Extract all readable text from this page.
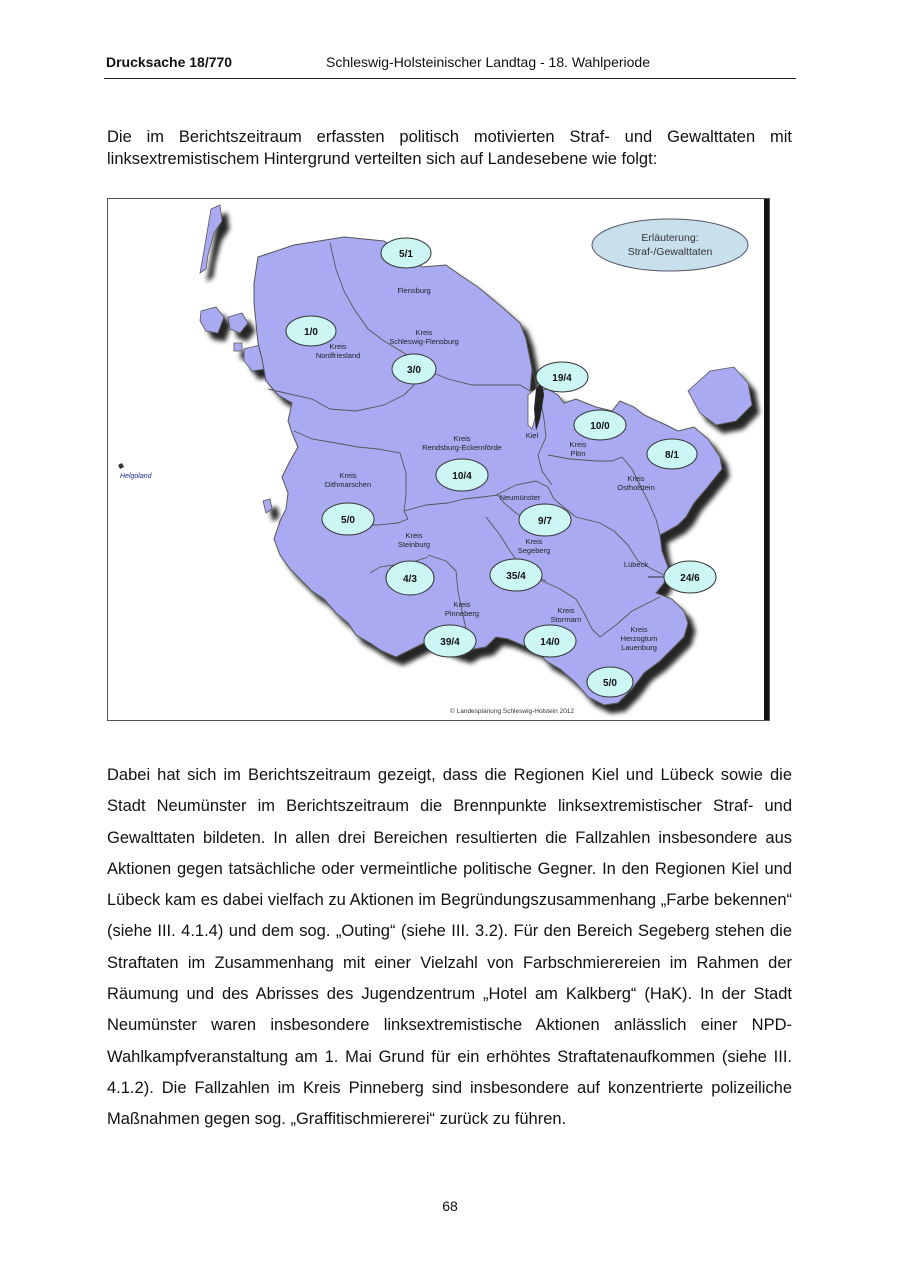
Drucksache 18/770	Schleswig-Holsteinischer Landtag - 18. Wahlperiode
Die im Berichtszeitraum erfassten politisch motivierten Straf- und Gewalttaten mit linksextremistischem Hintergrund verteilten sich auf Landesebene wie folgt:
Erläuterung:
Straf-/Gewalttaten
Flensburg
Kreis
Nordfriesland
Kreis
Schleswig-Flensburg
Kreis
Rendsburg-Eckernförde
Kreis
Dithmarschen
Kiel
Kreis
Plön
Kreis
Ostholstein
Neumünster
Kreis
Steinburg	Kreis
Segeberg
Lübeck
Kreis
Pinneberg	Kreis
Stormarn
Kreis
Herzogtum
Lauenburg
Helgoland
5/1
1/0
3/0
19/4
10/0
8/1
10/4
5/0	9/7
4/3	35/4	24/6
39/4	14/0
5/0
© Landesplanung Schleswig-Holstein 2012
Dabei hat sich im Berichtszeitraum gezeigt, dass die Regionen Kiel und Lübeck sowie die Stadt Neumünster im Berichtszeitraum die Brennpunkte linksextremistischer Straf- und Gewalttaten bildeten. In allen drei Bereichen resultierten die Fallzahlen insbesondere aus Aktionen gegen tatsächliche oder vermeintliche politische Gegner. In den Regionen Kiel und Lübeck kam es dabei vielfach zu Aktionen im Begründungszusammenhang „Farbe bekennen“ (siehe III. 4.1.4) und dem sog. „Outing“ (siehe III. 3.2). Für den Bereich Segeberg stehen die Straftaten im Zusammenhang mit einer Vielzahl von Farbschmierereien im Rahmen der Räumung und des Abrisses des Jugendzentrum „Hotel am Kalkberg“ (HaK). In der Stadt Neumünster waren insbesondere linksextremistische Aktionen anlässlich einer NPD-Wahlkampfveranstaltung am 1. Mai Grund für ein erhöhtes Straftatenaufkommen (siehe III. 4.1.2). Die Fallzahlen im Kreis Pinneberg sind insbesondere auf konzentrierte polizeiliche Maßnahmen gegen sog. „Graffitischmiererei“ zurück zu führen.
68
